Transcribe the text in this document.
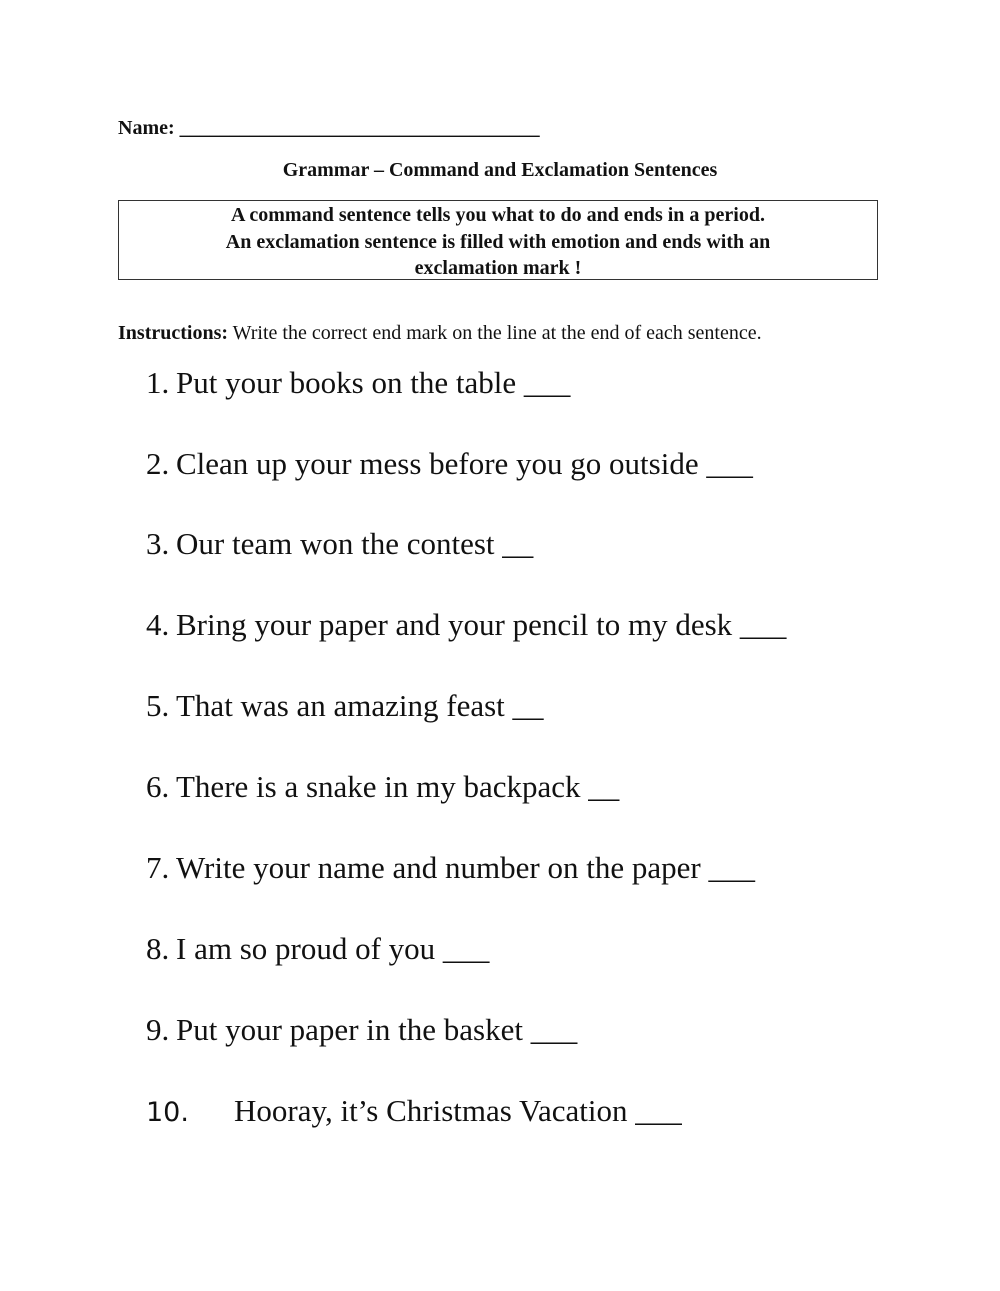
Name: ____________________________________
Grammar – Command and Exclamation Sentences
A command sentence tells you what to do and ends in a period.
An exclamation sentence is filled with emotion and ends with an
exclamation mark !
Instructions: Write the correct end mark on the line at the end of each sentence.
1. Put your books on the table ___
2. Clean up your mess before you go outside ___
3. Our team won the contest __
4. Bring your paper and your pencil to my desk ___
5. That was an amazing feast __
6. There is a snake in my backpack __
7. Write your name and number on the paper ___
8. I am so proud of you ___
9. Put your paper in the basket ___
10. Hooray, it’s Christmas Vacation ___
